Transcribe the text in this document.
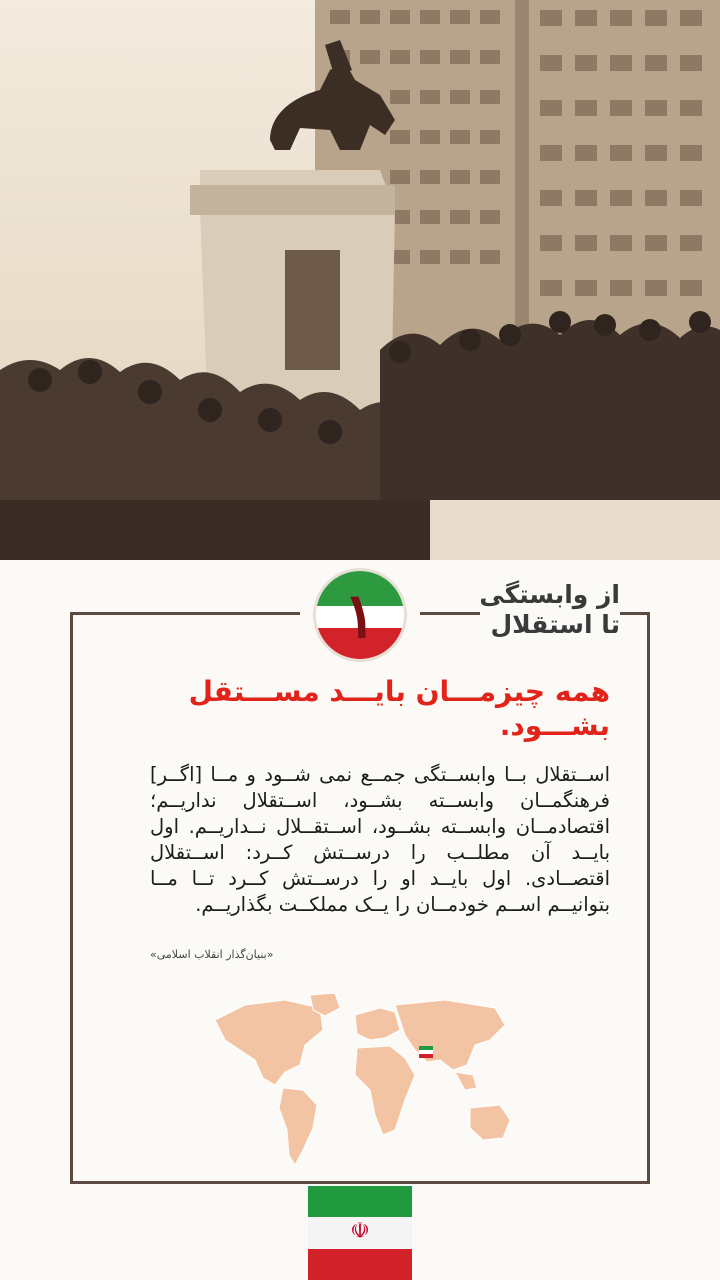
از وابستگی
تا استقلال
۱
همه چیزمـــان بایـــد مســـتقل بشـــود.
اســتقلال بــا وابســتگی جمــع نمی شــود و مــا [اگــر] فرهنگمــان وابســته بشــود، اســتقلال نداریــم؛ اقتصادمــان وابســته بشــود، اســتقــلال نــداریــم. اول بایــد آن مطلــب را درســتش کــرد: اســتقلال اقتصــادی. اول بایــد او را درســتش کــرد تــا مــا بتوانیــم اســم خودمــان را یــک مملکــت بگذاریــم.
«بنیان‌گذار انقلاب اسلامی»
☫
